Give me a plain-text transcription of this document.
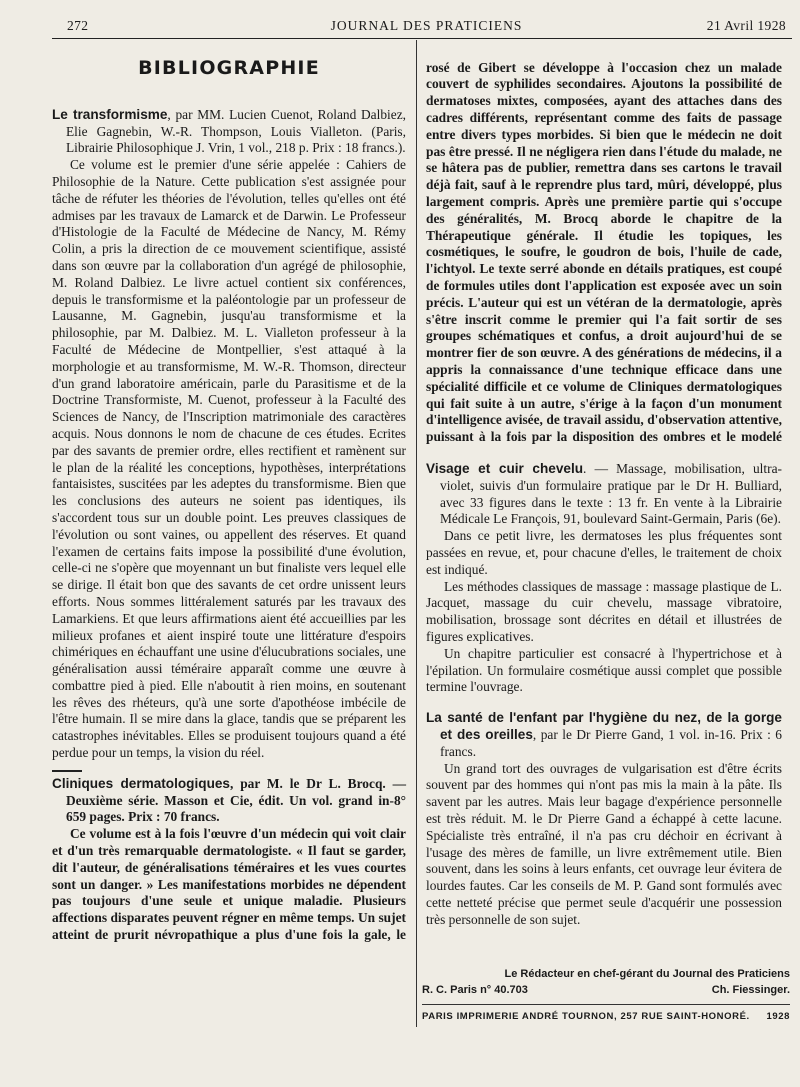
272	JOURNAL DES PRATICIENS	21 Avril 1928
BIBLIOGRAPHIE

Le transformisme, par MM. Lucien Cuenot, Roland Dalbiez, Elie Gagnebin, W.-R. Thompson, Louis Vialleton. (Paris, Librairie Philosophique J. Vrin, 1 vol., 218 p. Prix : 18 francs.).

Ce volume est le premier d'une série appelée : Cahiers de Philosophie de la Nature. Cette publication s'est assignée pour tâche de réfuter les théories de l'évolution, telles qu'elles ont été admises par les travaux de Lamarck et de Darwin. Le Professeur d'Histologie de la Faculté de Médecine de Nancy, M. Rémy Colin, a pris la direction de ce mouvement scientifique, assisté dans son œuvre par la collaboration d'un agrégé de philosophie, M. Roland Dalbiez. Le livre actuel contient six conférences, depuis le transformisme et la paléontologie par un professeur de Lausanne, M. Gagnebin, jusqu'au transformisme et la philosophie, par M. Dalbiez. M. L. Vialleton professeur à la Faculté de Médecine de Montpellier, s'est attaqué à la morphologie et au transformisme, M. W.-R. Thomson, directeur d'un grand laboratoire américain, parle du Parasitisme et de la Doctrine Transformiste, M. Cuenot, professeur à la Faculté des Sciences de Nancy, de l'Inscription matrimoniale des caractères acquis. Nous donnons le nom de chacune de ces études. Ecrites par des savants de premier ordre, elles rectifient et ramènent sur le plan de la réalité les conceptions, hypothèses, interprétations fantaisistes, suscitées par les adeptes du transformisme. Bien que les conclusions des auteurs ne soient pas identiques, ils s'accordent tous sur un double point. Les preuves classiques de l'évolution ou sont vaines, ou appellent des réserves. Et quand l'examen de certains faits impose la possibilité d'une évolution, celle-ci ne s'opère que moyennant un but finaliste vers lequel elle se dirige. Il était bon que des savants de cet ordre unissent leurs efforts. Nous sommes littéralement saturés par les travaux des Lamarkiens. Et que leurs affirmations aient été accueillies par les milieux profanes et aient inspiré toute une littérature d'espoirs chimériques en échauffant une usine d'élucubrations sociales, une généralisation aussi téméraire apparaît comme une œuvre à combattre pied à pied. Elle n'aboutit à rien moins, en soutenant les rêves des rhéteurs, qu'à une sorte d'apothéose imbécile de l'être humain. Il se mire dans la glace, tandis que se préparent les catastrophes inévitables. Elles se produisent toujours quand a été perdue pour un temps, la vision du réel.

Cliniques dermatologiques, par M. le Dr L. Brocq. — Deuxième série. Masson et Cie, édit. Un vol. grand in-8° 659 pages. Prix : 70 francs.

Ce volume est à la fois l'œuvre d'un médecin qui voit clair et d'un très remarquable dermatologiste. « Il faut se garder, dit l'auteur, de généralisations téméraires et les vues courtes sont un danger. » Les manifestations morbides ne dépendent pas toujours d'une seule et unique maladie. Plusieurs affections disparates peuvent régner en même temps. Un sujet atteint de prurit névropathique a plus d'une fois la gale, le

rosé de Gibert se développe à l'occasion chez un malade couvert de syphilides secondaires. Ajoutons la possibilité de dermatoses mixtes, composées, ayant des attaches dans des cadres différents, représentant comme des faits de passage entre divers types morbides. Si bien que le médecin ne doit pas être pressé. Il ne négligera rien dans l'étude du malade, ne se hâtera pas de publier, remettra dans ses cartons le travail déjà fait, sauf à le reprendre plus tard, mûri, développé, plus largement compris. Après une première partie qui s'occupe des généralités, M. Brocq aborde le chapitre de la Thérapeutique générale. Il étudie les topiques, les cosmétiques, le soufre, le goudron de bois, l'huile de cade, l'ichtyol. Le texte serré abonde en détails pratiques, est coupé de formules utiles dont l'application est exposée avec un soin précis. L'auteur qui est un vétéran de la dermatologie, après s'être inscrit comme le premier qui l'a fait sortir de ses groupes schématiques et confus, a droit aujourd'hui de se montrer fier de son œuvre. A des générations de médecins, il a appris la connaissance d'une technique efficace dans une spécialité difficile et ce volume de Cliniques dermatologiques qui fait suite à un autre, s'érige à la façon d'un monument d'intelligence avisée, de travail assidu, d'observation attentive, puissant à la fois par la disposition des ombres et le modelé

Visage et cuir chevelu. — Massage, mobilisation, ultra-violet, suivis d'un formulaire pratique par le Dr H. Bulliard, avec 33 figures dans le texte : 13 fr. En vente à la Librairie Médicale Le François, 91, boulevard Saint-Germain, Paris (6e).

Dans ce petit livre, les dermatoses les plus fréquentes sont passées en revue, et, pour chacune d'elles, le traitement de choix est indiqué.

Les méthodes classiques de massage : massage plastique de L. Jacquet, massage du cuir chevelu, massage vibratoire, mobilisation, brossage sont décrites en détail et illustrées de figures explicatives.

Un chapitre particulier est consacré à l'hypertrichose et à l'épilation. Un formulaire cosmétique aussi complet que possible termine l'ouvrage.

La santé de l'enfant par l'hygiène du nez, de la gorge et des oreilles, par le Dr Pierre Gand, 1 vol. in-16. Prix : 6 francs.

Un grand tort des ouvrages de vulgarisation est d'être écrits souvent par des hommes qui n'ont pas mis la main à la pâte. Ils savent par les autres. Mais leur bagage d'expérience personnelle est très réduit. M. le Dr Pierre Gand a échappé à cette lacune. Spécialiste très entraîné, il n'a pas cru déchoir en écrivant à l'usage des mères de famille, un livre extrêmement utile. Bien souvent, dans les soins à leurs enfants, cet ouvrage leur évitera de lourdes fautes. Car les conseils de M. P. Gand sont formulés avec cette netteté précise que permet seule d'acquérir une possession très personnelle de son sujet.

Le Rédacteur en chef-gérant du Journal des Praticiens
R. C. Paris n° 40.703	Ch. Fiessinger.
PARIS IMPRIMERIE ANDRÉ TOURNON, 257 RUE SAINT-HONORÉ. 1928
